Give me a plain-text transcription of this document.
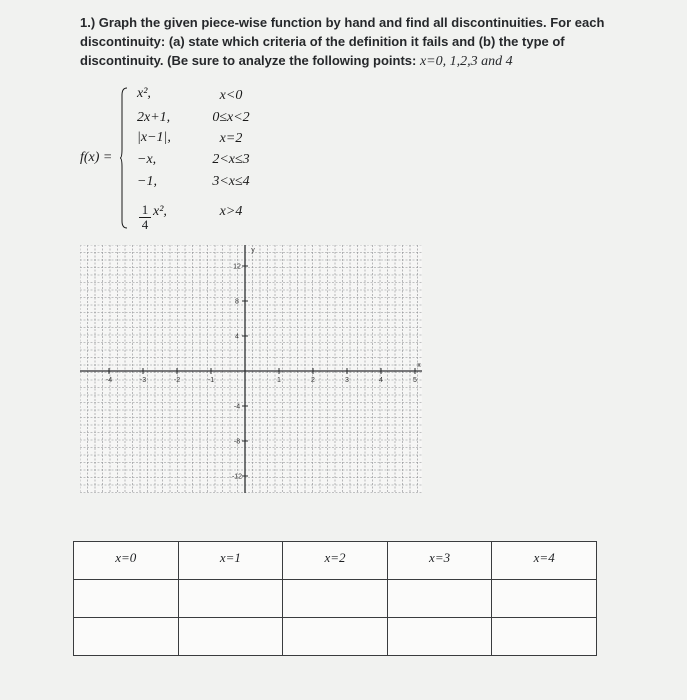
1.) Graph the given piece-wise function by hand and find all discontinuities. For each discontinuity: (a) state which criteria of the definition it fails and (b) the type of discontinuity. (Be sure to analyze the following points: x=0, 1,2,3 and 4
f(x) =
x²,	x<0
2x+1,	0≤x<2
|x−1|,	x=2
−x,	2<x≤3
−1,	3<x≤4
$\frac{1}{4} x^2$,	x>4
-4	-3	-2	-1	1	2	3	4	5
12
8
4
-4
-8
-12
x
y
x=0	x=1	x=2	x=3	x=4
